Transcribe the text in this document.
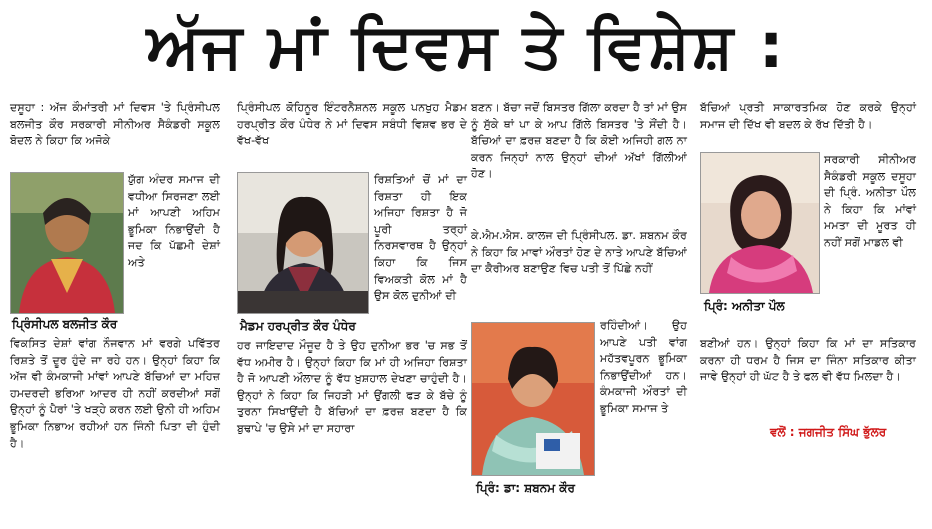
ਅੱਜ ਮਾਂ ਦਿਵਸ ਤੇ ਵਿਸ਼ੇਸ਼ :

ਦਸੂਹਾ : ਅੱਜ ਕੌਮਾਂਤਰੀ ਮਾਂ ਦਿਵਸ 'ਤੇ ਪ੍ਰਿੰਸੀਪਲ ਬਲਜੀਤ ਕੌਰ ਸਰਕਾਰੀ ਸੀਨੀਅਰ ਸੈਕੰਡਰੀ ਸਕੂਲ ਬੋਦਲ ਨੇ ਕਿਹਾ ਕਿ ਅਜੋਕੇ

ਯੁੱਗ ਅੰਦਰ ਸਮਾਜ ਦੀ ਵਧੀਆ ਸਿਰਜਣਾ ਲਈ ਮਾਂ ਆਪਣੀ ਅਹਿਮ ਭੂਮਿਕਾ ਨਿਭਾਉਂਦੀ ਹੈ ਜਦ ਕਿ ਪੱਛਮੀ ਦੇਸ਼ਾਂ ਅਤੇ

ਪ੍ਰਿੰਸੀਪਲ ਬਲਜੀਤ ਕੌਰ

ਵਿਕਸਿਤ ਦੇਸ਼ਾਂ ਵਾਂਗ ਨੌਜਵਾਨ ਮਾਂ ਵਰਗੇ ਪਵਿੱਤਰ ਰਿਸ਼ਤੇ ਤੋਂ ਦੂਰ ਹੁੰਦੇ ਜਾ ਰਹੇ ਹਨ। ਉਨ੍ਹਾਂ ਕਿਹਾ ਕਿ ਅੱਜ ਵੀ ਕੰਮਕਾਜੀ ਮਾਂਵਾਂ ਆਪਣੇ ਬੱਚਿਆਂ ਦਾ ਮਹਿਜ਼ ਹਮਦਰਦੀ ਭਰਿਆ ਆਦਰ ਹੀ ਨਹੀਂ ਕਰਦੀਆਂ ਸਗੋਂ ਉਨ੍ਹਾਂ ਨੂੰ ਪੈਰਾਂ 'ਤੇ ਖੜ੍ਹੇ ਕਰਨ ਲਈ ਉਨੀ ਹੀ ਅਹਿਮ ਭੂਮਿਕਾ ਨਿਭਾਅ ਰਹੀਆਂ ਹਨ ਜਿੰਨੀ ਪਿਤਾ ਦੀ ਹੁੰਦੀ ਹੈ।

ਪ੍ਰਿੰਸੀਪਲ ਕੋਹਿਨੂਰ ਇੰਟਰਨੈਸ਼ਨਲ ਸਕੂਲ ਪਨਖੁਹ ਮੈਡਮ ਹਰਪ੍ਰੀਤ ਕੌਰ ਪੰਧੇਰ ਨੇ ਮਾਂ ਦਿਵਸ ਸਬੰਧੀ ਵਿਸ਼ਵ ਭਰ ਦੇ ਵੱਖ-ਵੱਖ

ਰਿਸ਼ਤਿਆਂ ਚੋਂ ਮਾਂ ਦਾ ਰਿਸ਼ਤਾ ਹੀ ਇਕ ਅਜਿਹਾ ਰਿਸ਼ਤਾ ਹੈ ਜੋ ਪੂਰੀ ਤਰ੍ਹਾਂ ਨਿਰਸਵਾਰਥ ਹੈ ਉਨ੍ਹਾਂ ਕਿਹਾ ਕਿ ਜਿਸ ਵਿਅਕਤੀ ਕੋਲ ਮਾਂ ਹੈ ਉਸ ਕੋਲ ਦੁਨੀਆਂ ਦੀ

ਮੈਡਮ ਹਰਪ੍ਰੀਤ ਕੌਰ ਪੰਧੇਰ

ਹਰ ਜਾਇਦਾਦ ਮੌਜੂਦ ਹੈ ਤੇ ਉਹ ਦੁਨੀਆ ਭਰ 'ਚ ਸਭ ਤੋਂ ਵੱਧ ਅਮੀਰ ਹੈ। ਉਨ੍ਹਾਂ ਕਿਹਾ ਕਿ ਮਾਂ ਹੀ ਅਜਿਹਾ ਰਿਸ਼ਤਾ ਹੈ ਜੋ ਆਪਣੀ ਔਲਾਦ ਨੂੰ ਵੱਧ ਖ਼ੁਸ਼ਹਾਲ ਦੇਖਣਾ ਚਾਹੁੰਦੀ ਹੈ। ਉਨ੍ਹਾਂ ਨੇ ਕਿਹਾ ਕਿ ਜਿਹੜੀ ਮਾਂ ਉਂਗਲੀ ਫੜ ਕੇ ਬੱਚੇ ਨੂੰ ਤੁਰਨਾ ਸਿਖਾਉਂਦੀ ਹੈ ਬੱਚਿਆਂ ਦਾ ਫ਼ਰਜ਼ ਬਣਦਾ ਹੈ ਕਿ ਬੁਢਾਪੇ 'ਚ ਉਸੇ ਮਾਂ ਦਾ ਸਹਾਰਾ

ਬਣਨ। ਬੱਚਾ ਜਦੋਂ ਬਿਸਤਰ ਗਿੱਲਾ ਕਰਦਾ ਹੈ ਤਾਂ ਮਾਂ ਉਸ ਨੂੰ ਸੁੱਕੇ ਥਾਂ ਪਾ ਕੇ ਆਪ ਗਿੱਲੇ ਬਿਸਤਰ 'ਤੇ ਸੌਂਦੀ ਹੈ। ਬੱਚਿਆਂ ਦਾ ਫ਼ਰਜ਼ ਬਣਦਾ ਹੈ ਕਿ ਕੋਈ ਅਜਿਹੀ ਗਲ ਨਾ ਕਰਨ ਜਿਨ੍ਹਾਂ ਨਾਲ ਉਨ੍ਹਾਂ ਦੀਆਂ ਅੱਖਾਂ ਗਿੱਲੀਆਂ ਹੋਣ।

ਕੇ.ਐਮ.ਐਸ. ਕਾਲਜ ਦੀ ਪ੍ਰਿੰਸੀਪਲ. ਡਾ. ਸ਼ਬਨਮ ਕੌਰ ਨੇ ਕਿਹਾ ਕਿ ਮਾਵਾਂ ਔਰਤਾਂ ਹੋਣ ਦੇ ਨਾਤੇ ਆਪਣੇ ਬੱਚਿਆਂ ਦਾ ਕੈਰੀਅਰ ਬਣਾਉਣ ਵਿਚ ਪਤੀ ਤੋਂ ਪਿੱਛੇ ਨਹੀਂ

ਰਹਿੰਦੀਆਂ। ਉਹ ਆਪਣੇ ਪਤੀ ਵਾਂਗ ਮਹੱਤਵਪੂਰਨ ਭੂਮਿਕਾ ਨਿਭਾਉਂਦੀਆਂ ਹਨ। ਕੰਮਕਾਜੀ ਔਰਤਾਂ ਦੀ ਭੂਮਿਕਾ ਸਮਾਜ ਤੇ

ਪ੍ਰਿੰ: ਡਾ: ਸ਼ਬਨਮ ਕੌਰ

ਬੱਚਿਆਂ ਪ੍ਰਤੀ ਸਾਕਾਰਤਮਿਕ ਹੋਣ ਕਰਕੇ ਉਨ੍ਹਾਂ ਸਮਾਜ ਦੀ ਦਿੱਖ ਵੀ ਬਦਲ ਕੇ ਰੱਖ ਦਿੱਤੀ ਹੈ।

ਸਰਕਾਰੀ ਸੀਨੀਅਰ ਸੈਕੰਡਰੀ ਸਕੂਲ ਦਸੂਹਾ ਦੀ ਪ੍ਰਿੰ. ਅਨੀਤਾ ਪੌਲ ਨੇ ਕਿਹਾ ਕਿ ਮਾਂਵਾਂ ਮਮਤਾ ਦੀ ਮੂਰਤ ਹੀ ਨਹੀਂ ਸਗੋਂ ਮਾਡਲ ਵੀ

ਪ੍ਰਿੰ: ਅਨੀਤਾ ਪੌਲ

ਬਣੀਆਂ ਹਨ। ਉਨ੍ਹਾਂ ਕਿਹਾ ਕਿ ਮਾਂ ਦਾ ਸਤਿਕਾਰ ਕਰਨਾ ਹੀ ਧਰਮ ਹੈ ਜਿਸ ਦਾ ਜਿੰਨਾ ਸਤਿਕਾਰ ਕੀਤਾ ਜਾਵੇ ਉਨ੍ਹਾਂ ਹੀ ਘੱਟ ਹੈ ਤੇ ਫਲ ਵੀ ਵੱਧ ਮਿਲਦਾ ਹੈ।

ਵਲੋਂ : ਜਗਜੀਤ ਸਿੰਘ ਭੁੱਲਰ
